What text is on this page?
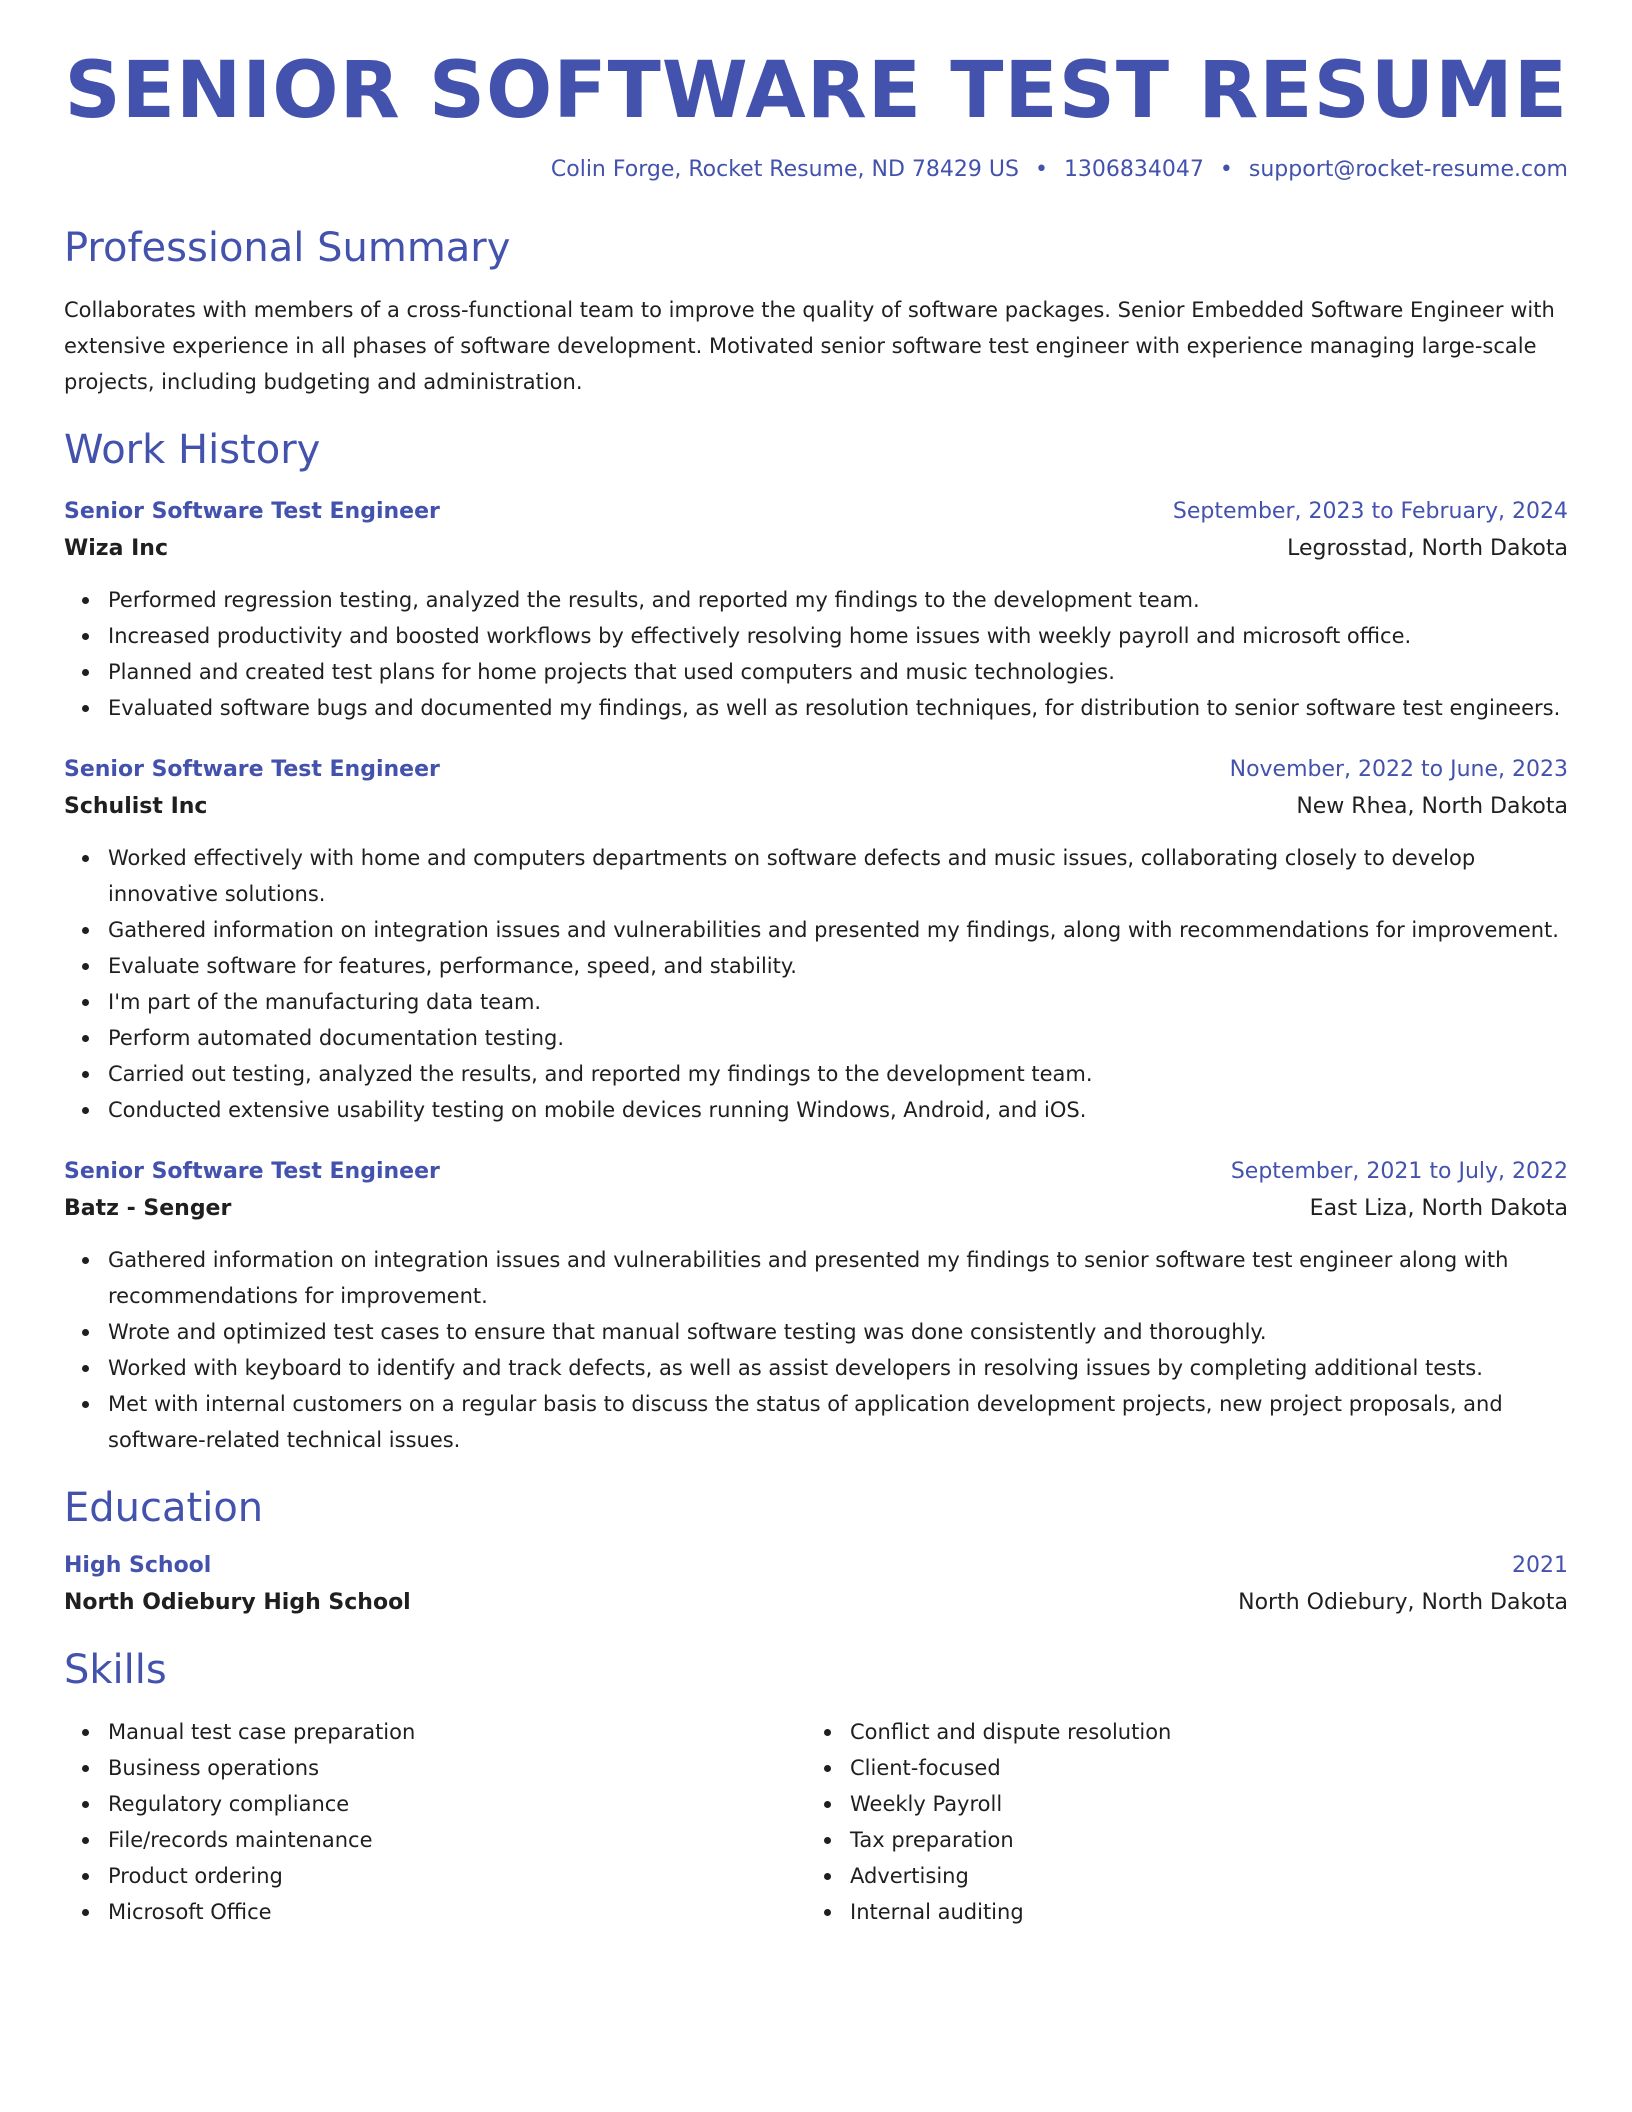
SENIOR SOFTWARE TEST RESUME
Colin Forge, Rocket Resume, ND 78429 US • 1306834047 • support@rocket-resume.com
Professional Summary
Collaborates with members of a cross-functional team to improve the quality of software packages. Senior Embedded Software Engineer with extensive experience in all phases of software development. Motivated senior software test engineer with experience managing large-scale projects, including budgeting and administration.
Work History
Senior Software Test Engineer	September, 2023 to February, 2024
Wiza Inc	Legrosstad, North Dakota
Performed regression testing, analyzed the results, and reported my findings to the development team.
Increased productivity and boosted workflows by effectively resolving home issues with weekly payroll and microsoft office.
Planned and created test plans for home projects that used computers and music technologies.
Evaluated software bugs and documented my findings, as well as resolution techniques, for distribution to senior software test engineers.
Senior Software Test Engineer	November, 2022 to June, 2023
Schulist Inc	New Rhea, North Dakota
Worked effectively with home and computers departments on software defects and music issues, collaborating closely to develop innovative solutions.
Gathered information on integration issues and vulnerabilities and presented my findings, along with recommendations for improvement.
Evaluate software for features, performance, speed, and stability.
I'm part of the manufacturing data team.
Perform automated documentation testing.
Carried out testing, analyzed the results, and reported my findings to the development team.
Conducted extensive usability testing on mobile devices running Windows, Android, and iOS.
Senior Software Test Engineer	September, 2021 to July, 2022
Batz - Senger	East Liza, North Dakota
Gathered information on integration issues and vulnerabilities and presented my findings to senior software test engineer along with recommendations for improvement.
Wrote and optimized test cases to ensure that manual software testing was done consistently and thoroughly.
Worked with keyboard to identify and track defects, as well as assist developers in resolving issues by completing additional tests.
Met with internal customers on a regular basis to discuss the status of application development projects, new project proposals, and software-related technical issues.
Education
High School	2021
North Odiebury High School	North Odiebury, North Dakota
Skills
Manual test case preparation
Business operations
Regulatory compliance
File/records maintenance
Product ordering
Microsoft Office
Conflict and dispute resolution
Client-focused
Weekly Payroll
Tax preparation
Advertising
Internal auditing
